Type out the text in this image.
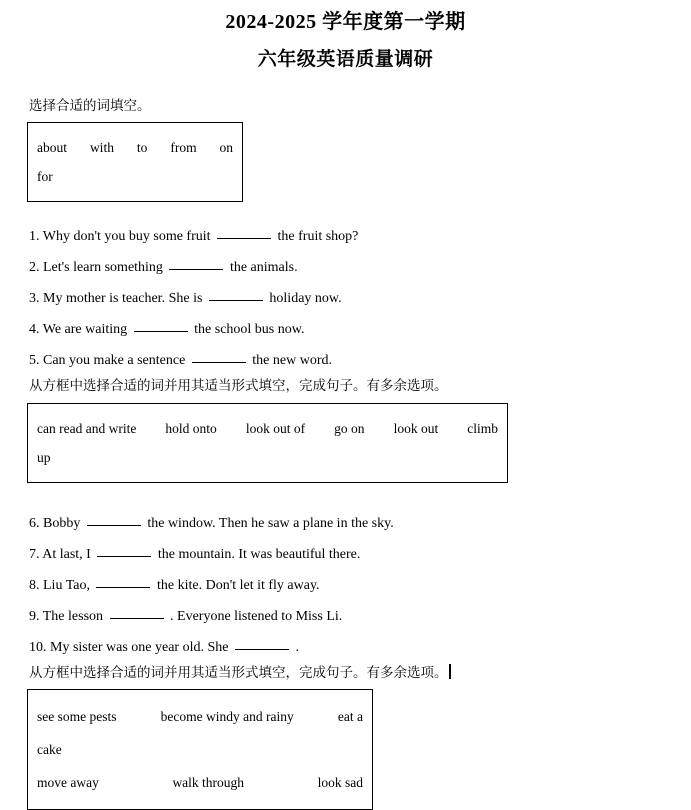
2024-2025 学年度第一学期
六年级英语质量调研
选择合适的词填空。
about with to from on
for
1. Why don't you buy some fruit	the fruit shop?
2. Let's learn something	the animals.
3. My mother is teacher. She is	holiday now.
4. We are waiting	the school bus now.
5. Can you make a sentence	the new word.
从方框中选择合适的词并用其适当形式填空，完成句子。有多余选项。
can read and write hold onto look out of go on look out climb
up
6. Bobby	the window. Then he saw a plane in the sky.
7. At last, I	the mountain. It was beautiful there.
8. Liu Tao,	the kite. Don't let it fly away.
9. The lesson	. Everyone listened to Miss Li.
10. My sister was one year old. She	.
从方框中选择合适的词并用其适当形式填空，完成句子。有多余选项。
see some pests	become windy and rainy	eat a
cake
move away	walk through	look sad
